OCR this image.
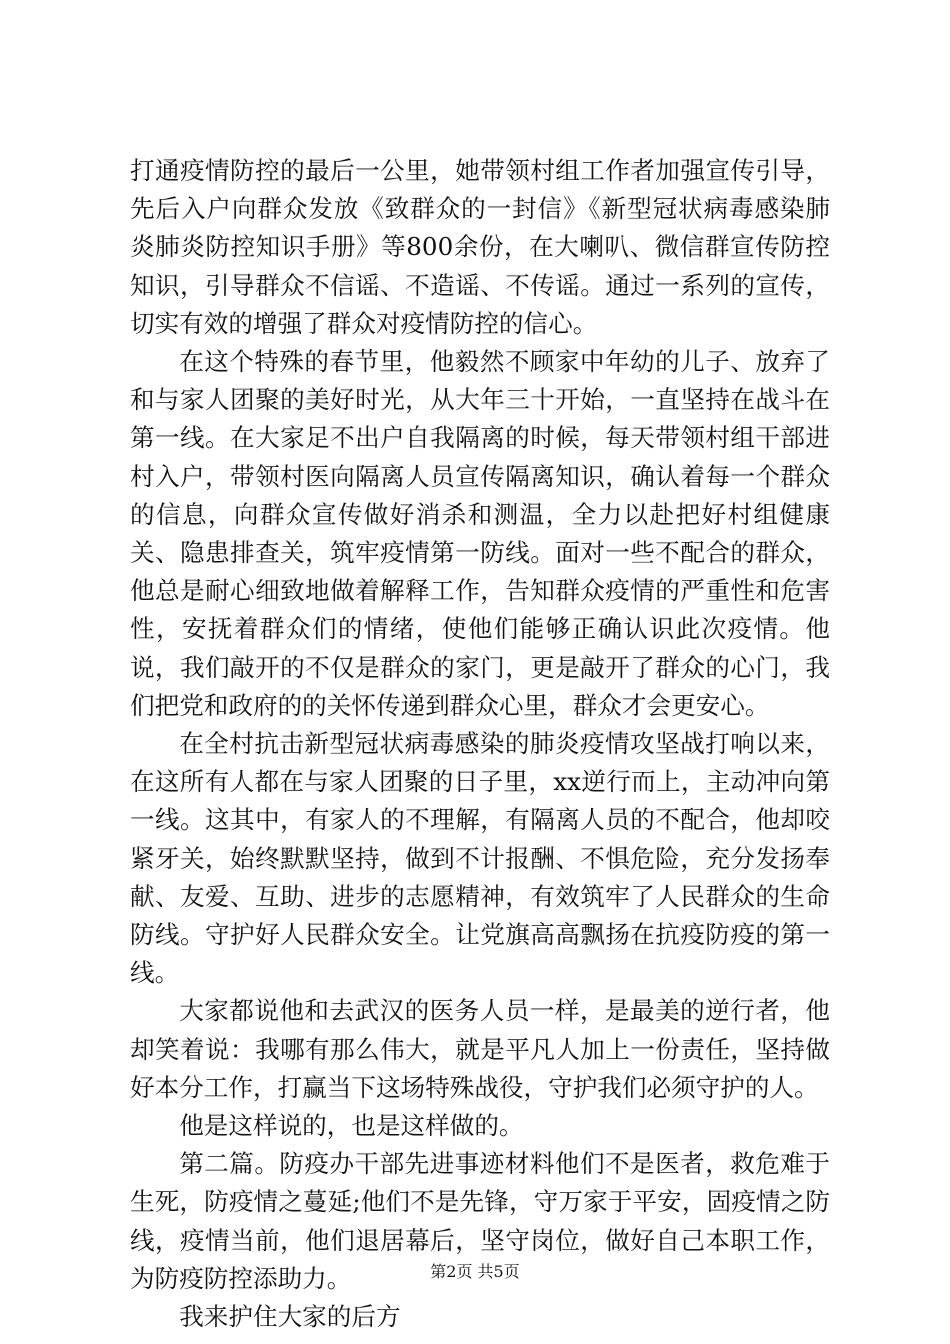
打通疫情防控的最后一公里，她带领村组工作者加强宣传引导，先后入户向群众发放《致群众的一封信》《新型冠状病毒感染肺炎肺炎防控知识手册》等800余份，在大喇叭、微信群宣传防控知识，引导群众不信谣、不造谣、不传谣。通过一系列的宣传，切实有效的增强了群众对疫情防控的信心。

在这个特殊的春节里，他毅然不顾家中年幼的儿子、放弃了和与家人团聚的美好时光，从大年三十开始，一直坚持在战斗在第一线。在大家足不出户自我隔离的时候，每天带领村组干部进村入户，带领村医向隔离人员宣传隔离知识，确认着每一个群众的信息，向群众宣传做好消杀和测温，全力以赴把好村组健康关、隐患排查关，筑牢疫情第一防线。面对一些不配合的群众，他总是耐心细致地做着解释工作，告知群众疫情的严重性和危害性，安抚着群众们的情绪，使他们能够正确认识此次疫情。他说，我们敲开的不仅是群众的家门，更是敲开了群众的心门，我们把党和政府的的关怀传递到群众心里，群众才会更安心。

在全村抗击新型冠状病毒感染的肺炎疫情攻坚战打响以来，在这所有人都在与家人团聚的日子里，xx逆行而上，主动冲向第一线。这其中，有家人的不理解，有隔离人员的不配合，他却咬紧牙关，始终默默坚持，做到不计报酬、不惧危险，充分发扬奉献、友爱、互助、进步的志愿精神，有效筑牢了人民群众的生命防线。守护好人民群众安全。让党旗高高飘扬在抗疫防疫的第一线。

大家都说他和去武汉的医务人员一样，是最美的逆行者，他却笑着说：我哪有那么伟大，就是平凡人加上一份责任，坚持做好本分工作，打赢当下这场特殊战役，守护我们必须守护的人。

他是这样说的，也是这样做的。

第二篇。防疫办干部先进事迹材料他们不是医者，救危难于生死，防疫情之蔓延;他们不是先锋，守万家于平安，固疫情之防线，疫情当前，他们退居幕后，坚守岗位，做好自己本职工作，为防疫防控添助力。

我来护住大家的后方

第2页 共5页
